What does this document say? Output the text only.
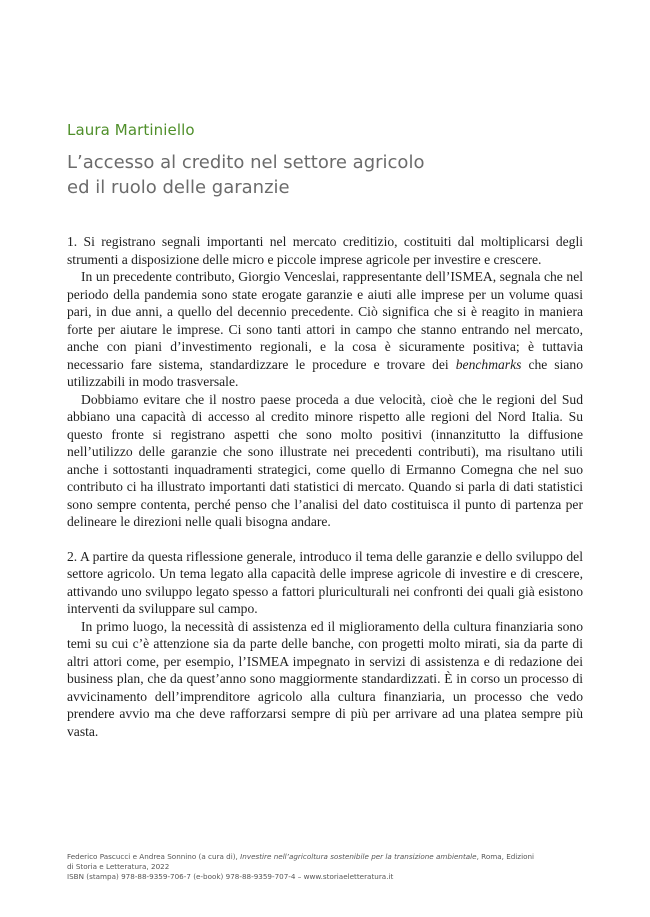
Laura Martiniello
L’accesso al credito nel settore agricolo
ed il ruolo delle garanzie

1. Si registrano segnali importanti nel mercato creditizio, costituiti dal moltiplicarsi degli strumenti a disposizione delle micro e piccole imprese agricole per investire e crescere.

In un precedente contributo, Giorgio Venceslai, rappresentante dell’ISMEA, segnala che nel periodo della pandemia sono state erogate garanzie e aiuti alle imprese per un volume quasi pari, in due anni, a quello del decennio precedente. Ciò significa che si è reagito in maniera forte per aiutare le imprese. Ci sono tanti attori in campo che stanno entrando nel mercato, anche con piani d’investimento regionali, e la cosa è sicuramente positiva; è tuttavia necessario fare sistema, standardizzare le procedure e trovare dei benchmarks che siano utilizzabili in modo trasversale.

Dobbiamo evitare che il nostro paese proceda a due velocità, cioè che le regioni del Sud abbiano una capacità di accesso al credito minore rispetto alle regioni del Nord Italia. Su questo fronte si registrano aspetti che sono molto positivi (innanzitutto la diffusione nell’utilizzo delle garanzie che sono illustrate nei precedenti contributi), ma risultano utili anche i sottostanti inquadramenti strategici, come quello di Ermanno Comegna che nel suo contributo ci ha illustrato importanti dati statistici di mercato. Quando si parla di dati statistici sono sempre contenta, perché penso che l’analisi del dato costituisca il punto di partenza per delineare le direzioni nelle quali bisogna andare.

2. A partire da questa riflessione generale, introduco il tema delle garanzie e dello sviluppo del settore agricolo. Un tema legato alla capacità delle imprese agricole di investire e di crescere, attivando uno sviluppo legato spesso a fattori pluriculturali nei confronti dei quali già esistono interventi da sviluppare sul campo.

In primo luogo, la necessità di assistenza ed il miglioramento della cultura finanziaria sono temi su cui c’è attenzione sia da parte delle banche, con progetti molto mirati, sia da parte di altri attori come, per esempio, l’ISMEA impegnato in servizi di assistenza e di redazione dei business plan, che da quest’anno sono maggiormente standardizzati. È in corso un processo di avvicinamento dell’imprenditore agricolo alla cultura finanziaria, un processo che vedo prendere avvio ma che deve rafforzarsi sempre di più per arrivare ad una platea sempre più vasta.

Federico Pascucci e Andrea Sonnino (a cura di), Investire nell’agricoltura sostenibile per la transizione ambientale, Roma, Edizioni
di Storia e Letteratura, 2022
ISBN (stampa) 978-88-9359-706-7 (e-book) 978-88-9359-707-4 – www.storiaeletteratura.it
